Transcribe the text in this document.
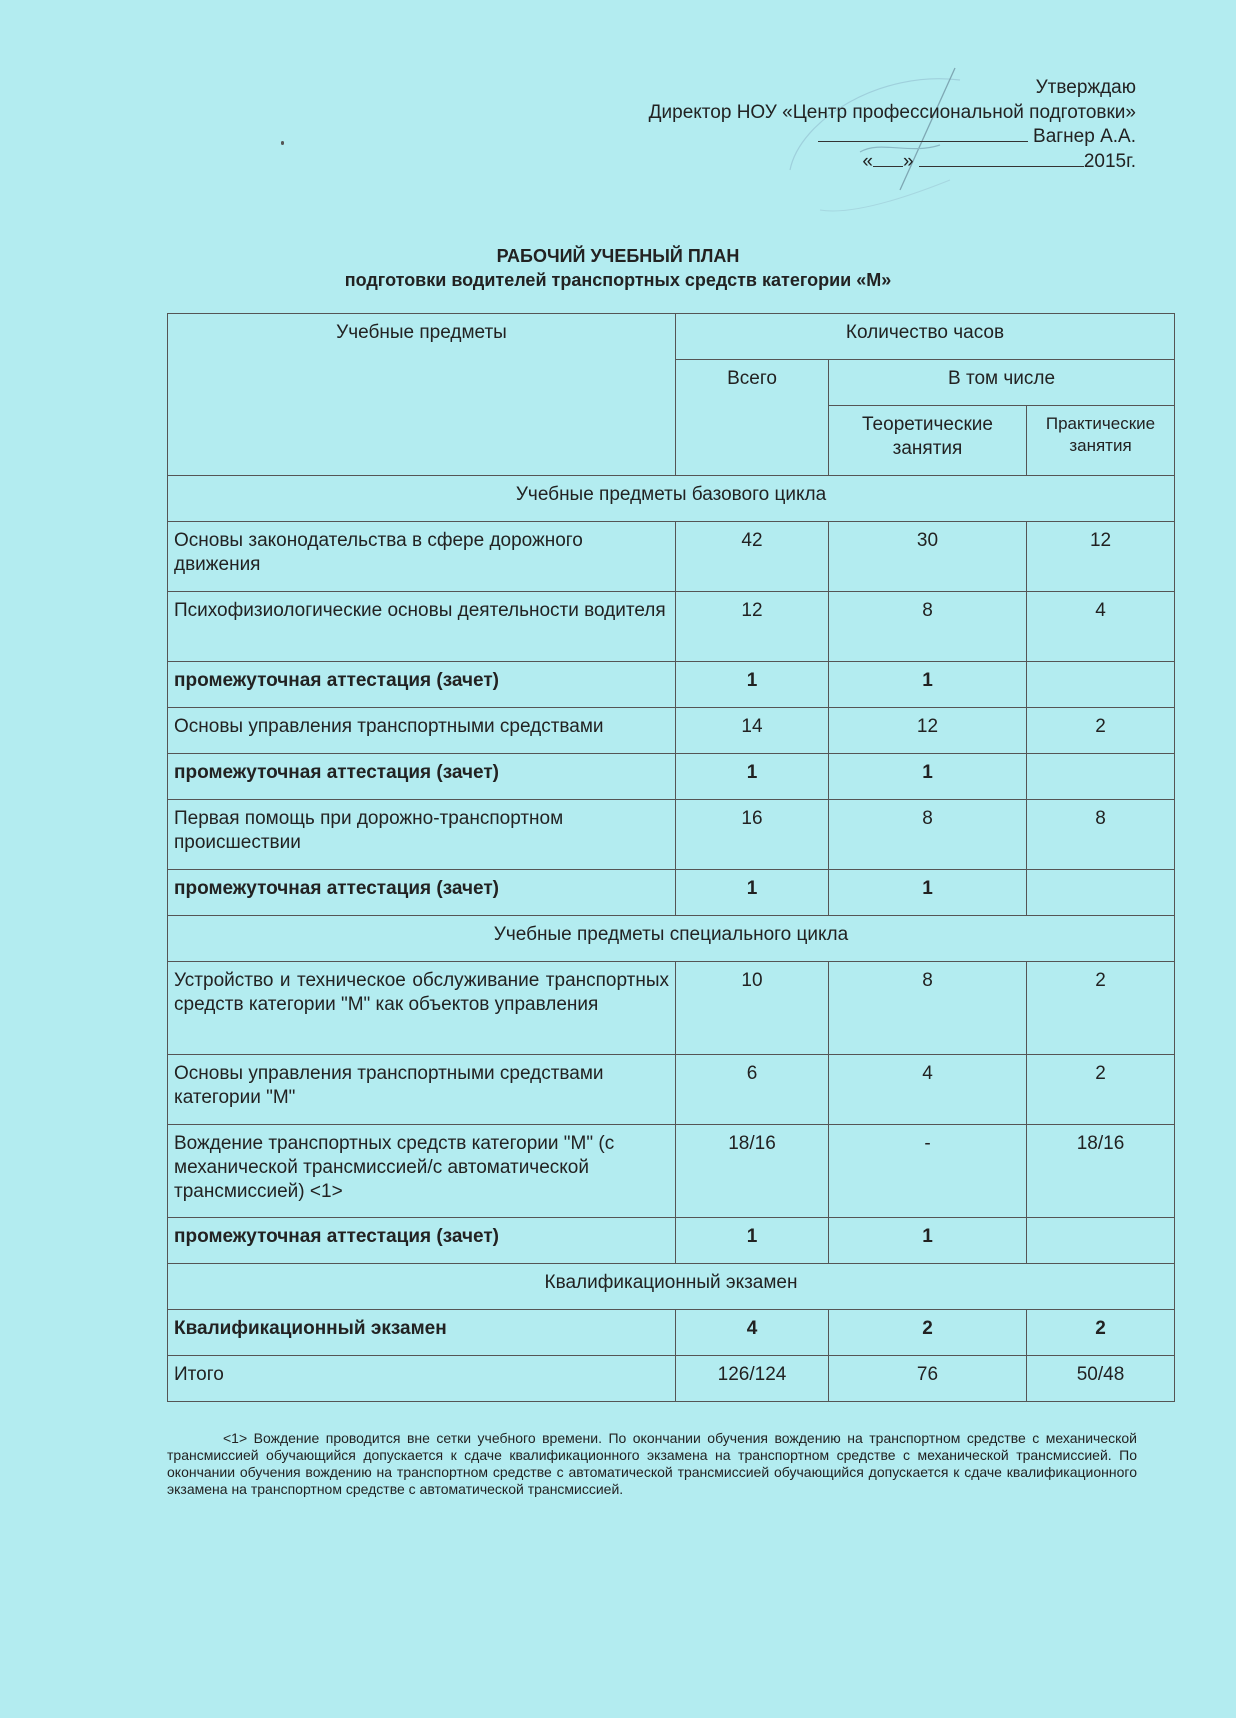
Утверждаю
Директор НОУ «Центр профессиональной подготовки»
Вагнер А.А.
« »	2015г.
РАБОЧИЙ УЧЕБНЫЙ ПЛАН
подготовки водителей транспортных средств категории «М»
Учебные предметы	Количество часов		
	Всего	В том числе	
		Теоретические занятия	Практические занятия
Учебные предметы базового цикла			
Основы законодательства в сфере дорожного движения	42	30	12
Психофизиологические основы деятельности водителя	12	8	4
промежуточная аттестация (зачет)	1	1	
Основы управления транспортными средствами	14	12	2
промежуточная аттестация (зачет)	1	1	
Первая помощь при дорожно-транспортном происшествии	16	8	8
промежуточная аттестация (зачет)	1	1	
Учебные предметы специального цикла			
Устройство и техническое обслуживание транспортных средств категории "М" как объектов управления	10	8	2
Основы управления транспортными средствами категории "М"	6	4	2
Вождение транспортных средств категории "М" (с механической трансмиссией/с автоматической трансмиссией) <1>	18/16	-	18/16
промежуточная аттестация (зачет)	1	1	
Квалификационный экзамен			
Квалификационный экзамен	4	2	2
Итого	126/124	76	50/48
<1> Вождение проводится вне сетки учебного времени. По окончании обучения вождению на транспортном средстве с механической трансмиссией обучающийся допускается к сдаче квалификационного экзамена на транспортном средстве с механической трансмиссией. По окончании обучения вождению на транспортном средстве с автоматической трансмиссией обучающийся допускается к сдаче квалификационного экзамена на транспортном средстве с автоматической трансмиссией.
